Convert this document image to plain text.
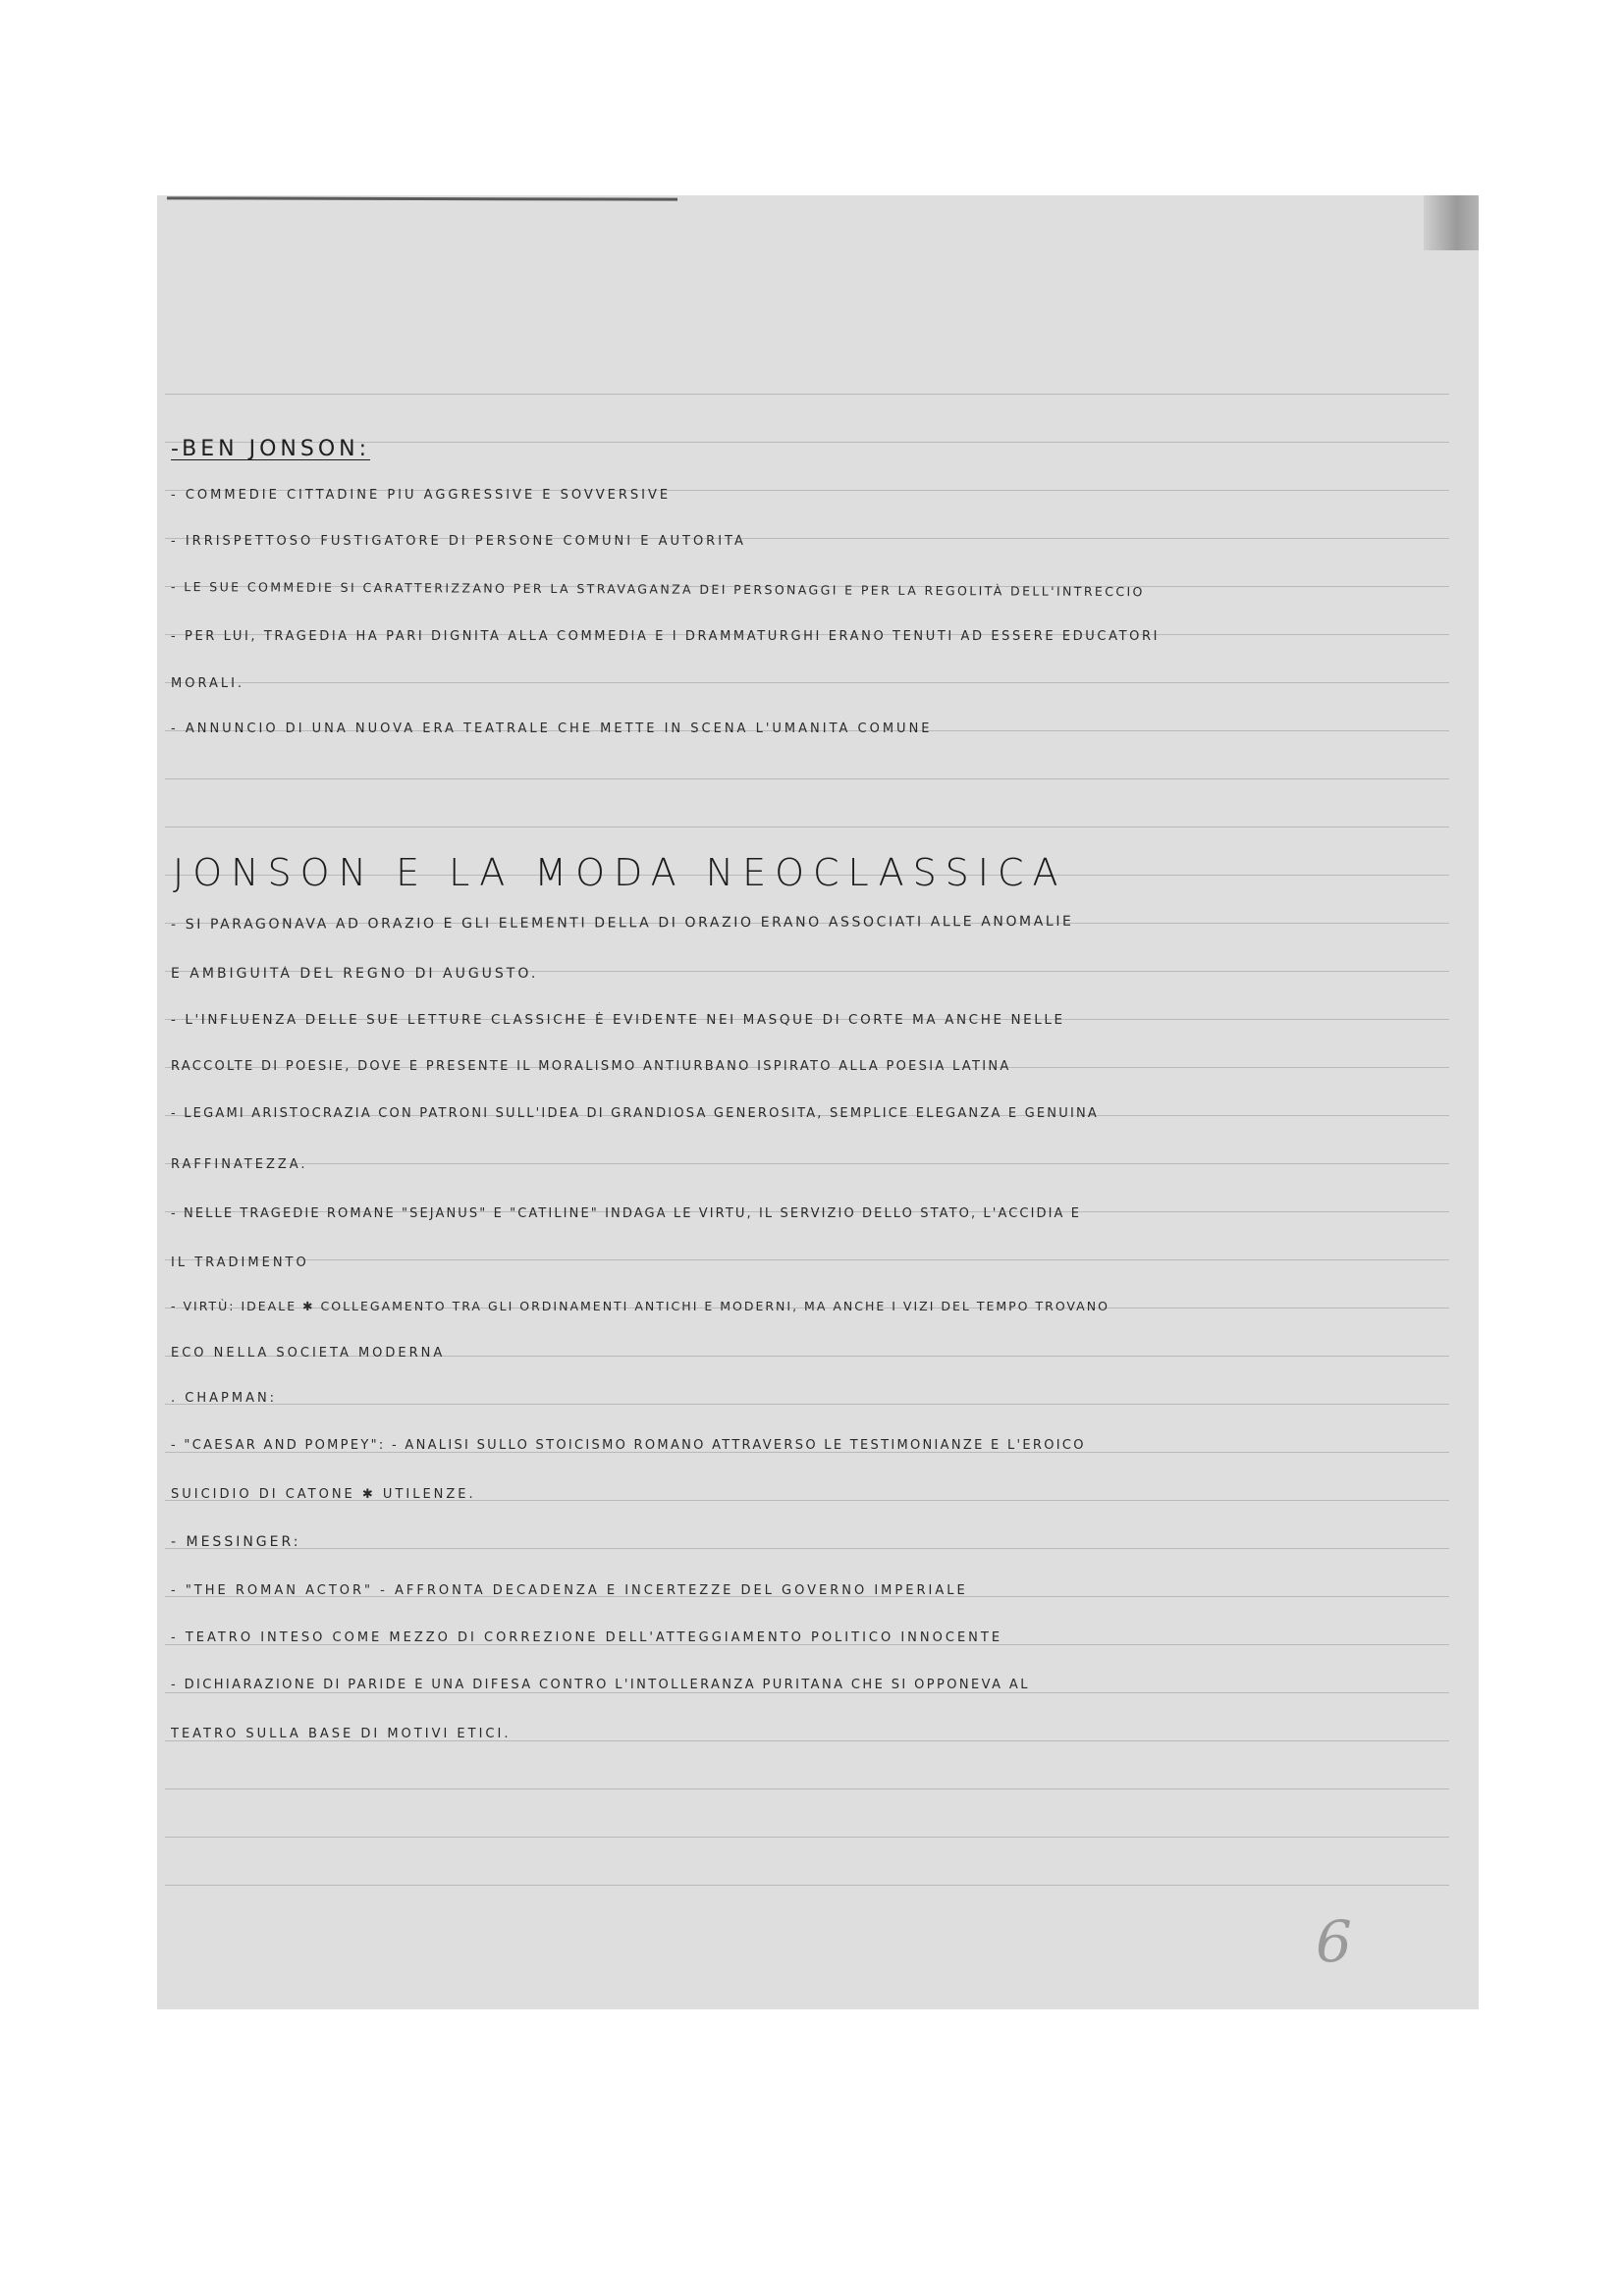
-BEN JONSON:
- COMMEDIE CITTADINE PIÙ AGGRESSIVE E SOVVERSIVE
- IRRISPETTOSO FUSTIGATORE DI PERSONE COMUNI E AUTORITÀ
- LE SUE COMMEDIE SI CARATTERIZZANO PER LA STRAVAGANZA DEI PERSONAGGI E PER LA REGOLITÀ DELL'INTRECCIO
- PER LUI, TRAGEDIA HA PARI DIGNITÀ ALLA COMMEDIA E I DRAMMATURGHI ERANO TENUTI AD ESSERE EDUCATORI
MORALI.
- ANNUNCIO DI UNA NUOVA ERA TEATRALE CHE METTE IN SCENA L'UMANITÀ COMUNE
JONSON E LA MODA NEOCLASSICA
- SI PARAGONAVA AD ORAZIO E GLI ELEMENTI DELLA DI ORAZIO ERANO ASSOCIATI ALLE ANOMALIE
E AMBIGUITÀ DEL REGNO DI AUGUSTO.
- L'INFLUENZA DELLE SUE LETTURE CLASSICHE È EVIDENTE NEI MASQUE DI CORTE MA ANCHE NELLE
RACCOLTE DI POESIE, DOVE È PRESENTE IL MORALISMO ANTIURBANO ISPIRATO ALLA POESIA LATINA
- LEGAMI ARISTOCRAZIA CON PATRONI SULL'IDEA DI GRANDIOSA GENEROSITÀ, SEMPLICE ELEGANZA E GENUINA
RAFFINATEZZA.
- NELLE TRAGEDIE ROMANE "SEJANUS" E "CATILINE" INDAGA LE VIRTÙ, IL SERVIZIO DELLO STATO, L'ACCIDIA E
IL TRADIMENTO
- VIRTÙ: IDEALE ✱ COLLEGAMENTO TRA GLI ORDINAMENTI ANTICHI E MODERNI, MA ANCHE I VIZI DEL TEMPO TROVANO
ECO NELLA SOCIETÀ MODERNA
. CHAPMAN:
- "CAESAR AND POMPEY": - ANALISI SULLO STOICISMO ROMANO ATTRAVERSO LE TESTIMONIANZE E L'EROICO
SUICIDIO DI CATONE ✱ UTILENZE.
- MESSINGER:
- "THE ROMAN ACTOR" - AFFRONTA DECADENZA E INCERTEZZE DEL GOVERNO IMPERIALE
- TEATRO INTESO COME MEZZO DI CORREZIONE DELL'ATTEGGIAMENTO POLITICO INNOCENTE
- DICHIARAZIONE DI PARIDE È UNA DIFESA CONTRO L'INTOLLERANZA PURITANA CHE SI OPPONEVA AL
TEATRO SULLA BASE DI MOTIVI ETICI.
6
